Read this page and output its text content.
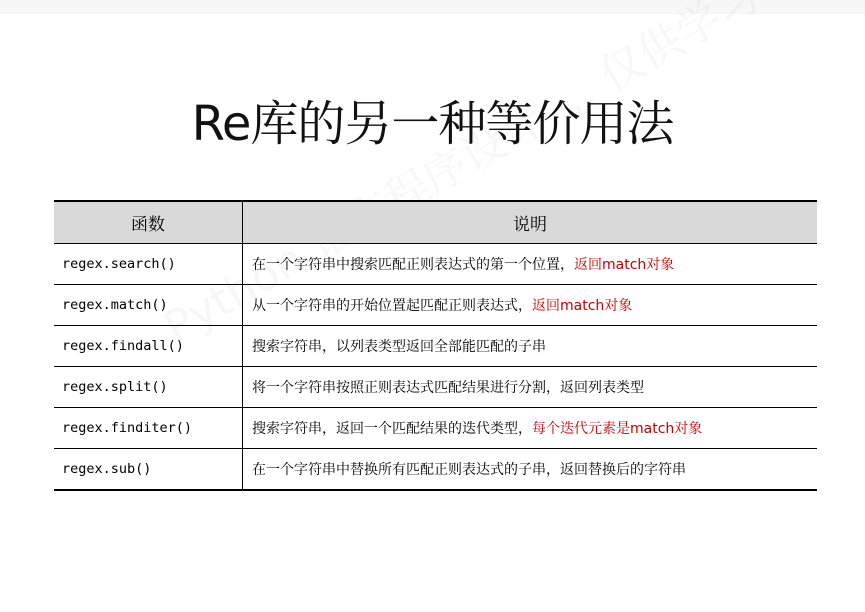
Re库的另一种等价用法
函数	说明
regex.search()	在一个字符串中搜索匹配正则表达式的第一个位置，返回match对象
regex.match()	从一个字符串的开始位置起匹配正则表达式，返回match对象
regex.findall()	搜索字符串，以列表类型返回全部能匹配的子串
regex.split()	将一个字符串按照正则表达式匹配结果进行分割，返回列表类型
regex.finditer()	搜索字符串，返回一个匹配结果的迭代类型，每个迭代元素是match对象
regex.sub()	在一个字符串中替换所有匹配正则表达式的子串，返回替换后的字符串
